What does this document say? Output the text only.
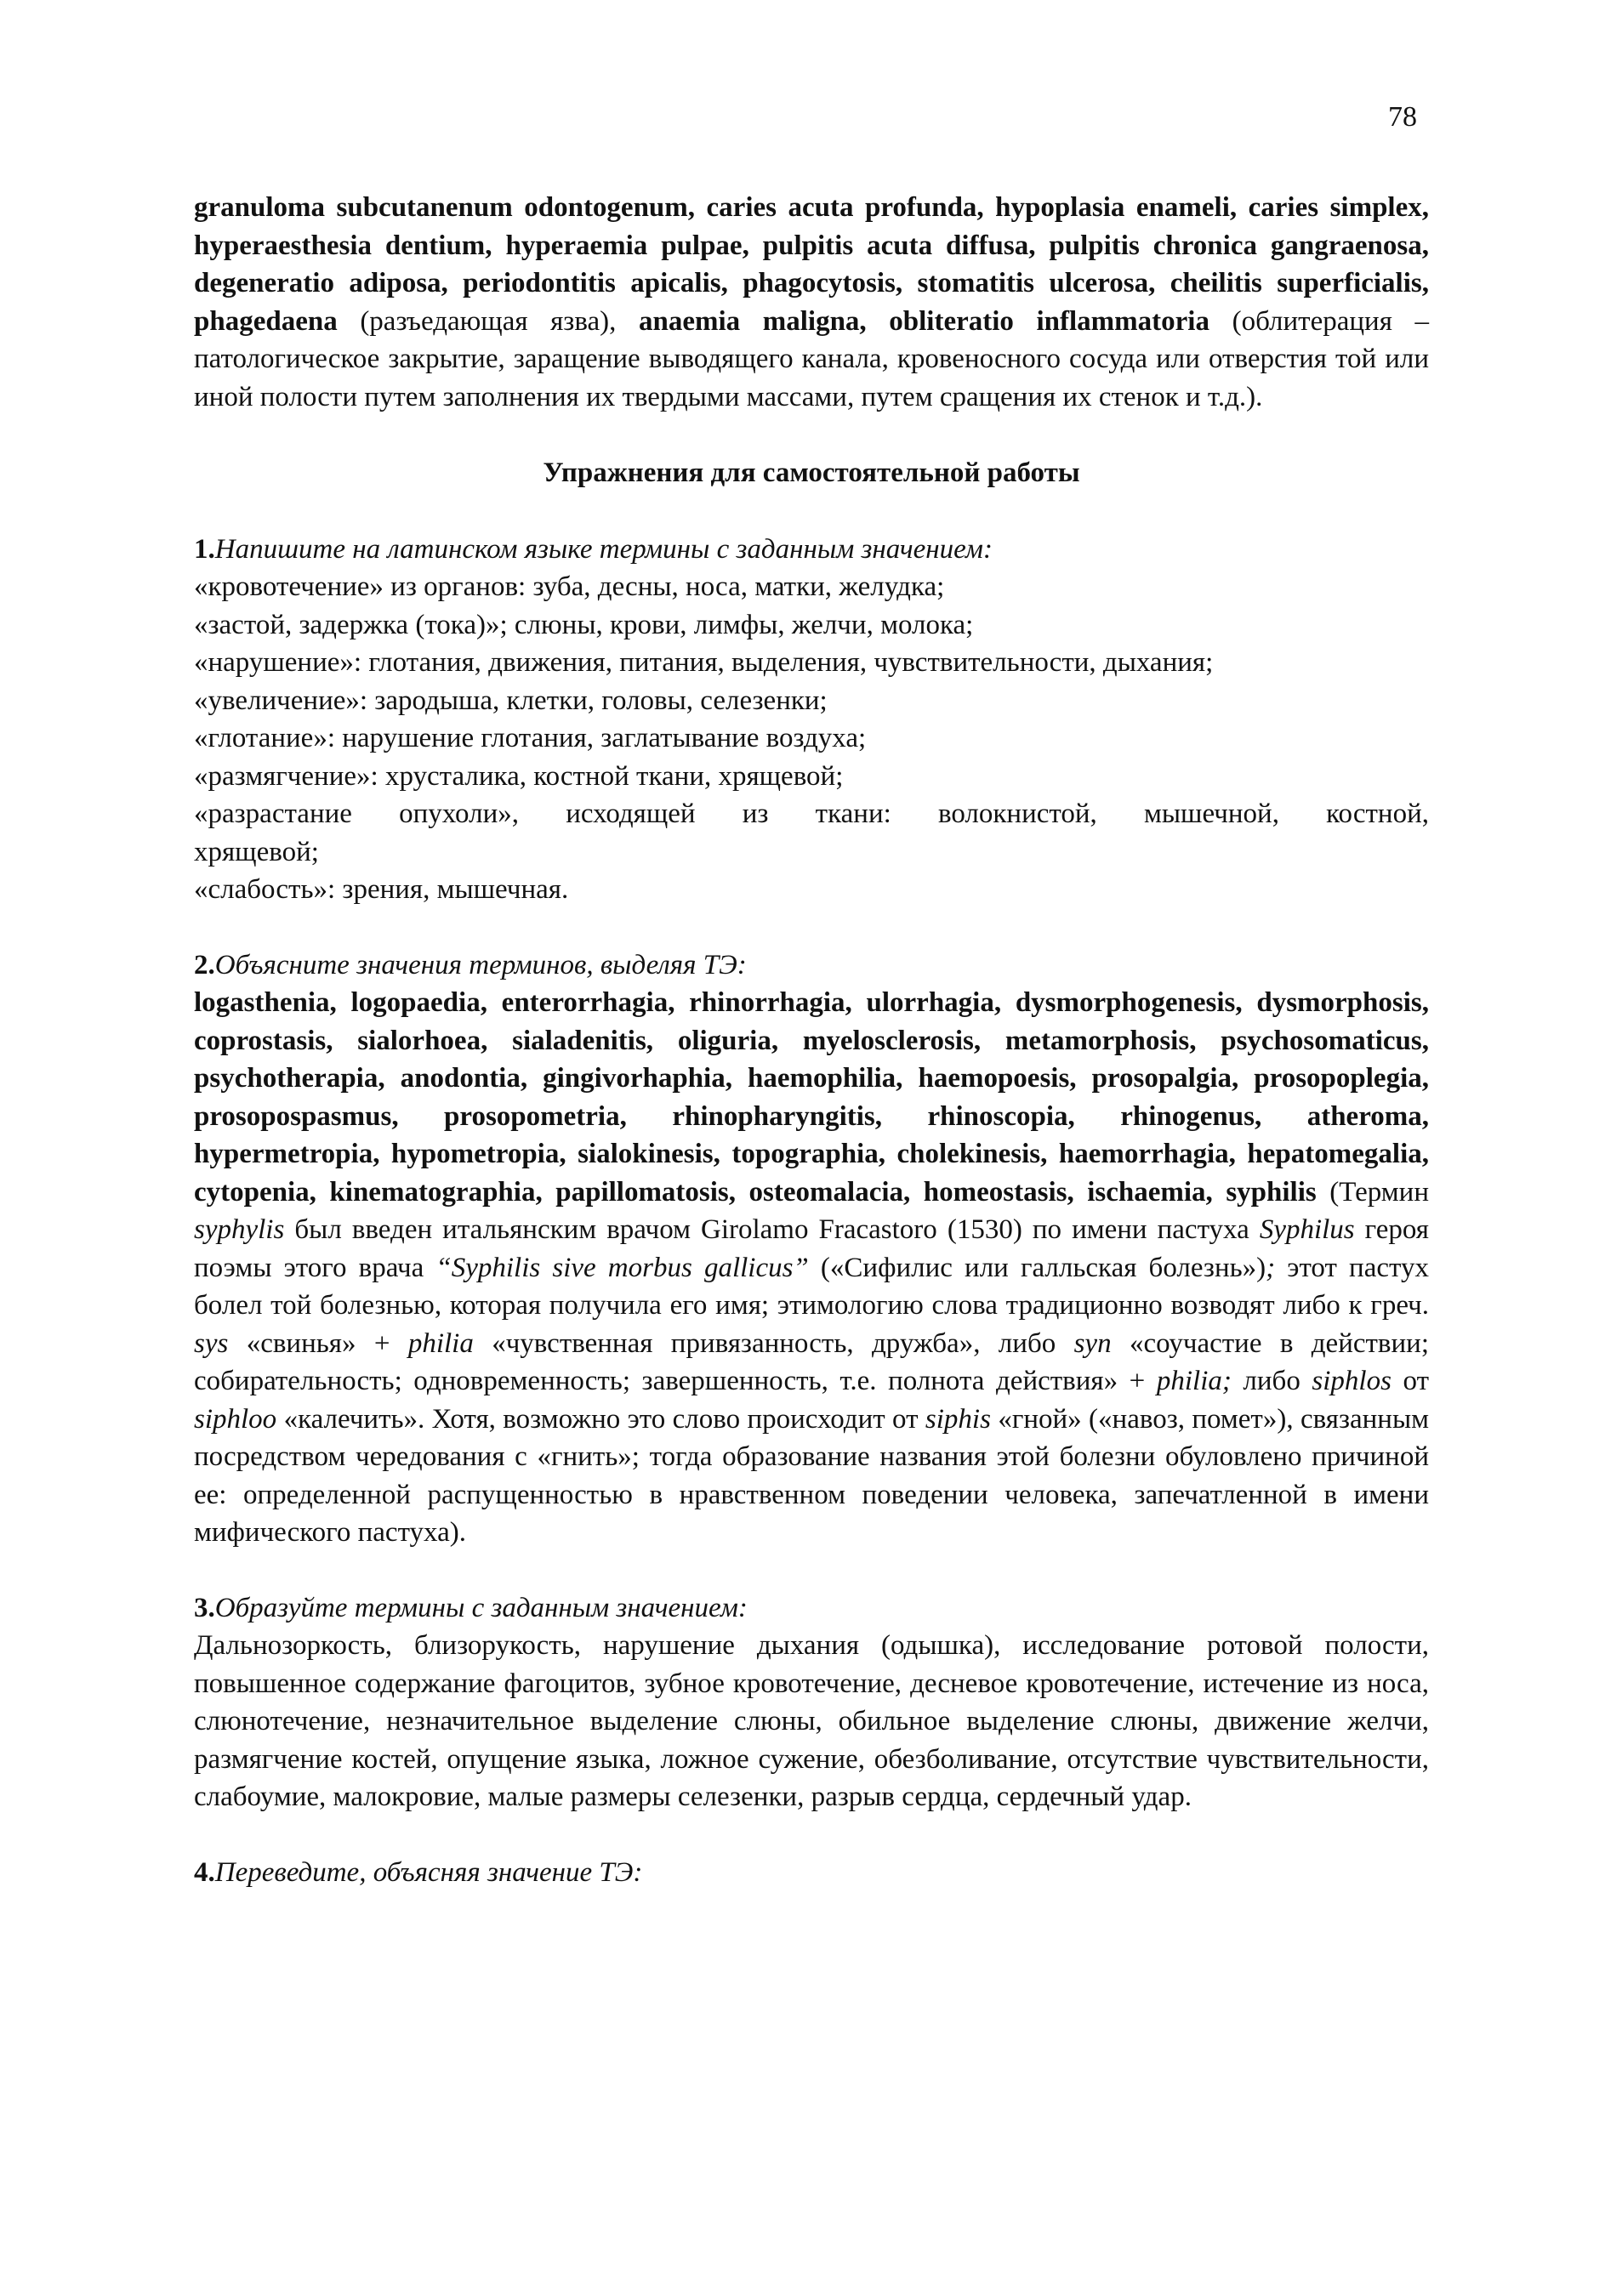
78

granuloma subcutanenum odontogenum, caries acuta profunda, hypoplasia enameli, caries simplex, hyperaesthesia dentium, hyperaemia pulpae, pulpitis acuta diffusa, pulpitis chronica gangraenosa, degeneratio adiposa, periodontitis apicalis, phagocytosis, stomatitis ulcerosa, cheilitis superficialis, phagedaena (разъедающая язва), anaemia maligna, obliteratio inflammatoria (облитерация – патологическое закрытие, заращение выводящего канала, кровеносного сосуда или отверстия той или иной полости путем заполнения их твердыми массами, путем сращения их стенок и т.д.).

Упражнения для самостоятельной работы

1.Напишите на латинском языке термины с заданным значением:
«кровотечение» из органов: зуба, десны, носа, матки, желудка;
«застой, задержка (тока)»; слюны, крови, лимфы, желчи, молока;
«нарушение»: глотания, движения, питания, выделения, чувствительности, дыхания;
«увеличение»: зародыша, клетки, головы, селезенки;
«глотание»: нарушение глотания, заглатывание воздуха;
«размягчение»: хрусталика, костной ткани, хрящевой;
«разрастание опухоли», исходящей из ткани: волокнистой, мышечной, костной,
хрящевой;
«слабость»: зрения, мышечная.
2.Объясните значения терминов, выделяя ТЭ:

logasthenia, logopaedia, enterorrhagia, rhinorrhagia, ulorrhagia, dysmorphogenesis, dysmorphosis, coprostasis, sialorhoea, sialadenitis, oliguria, myelosclerosis, metamorphosis, psychosomaticus, psychotherapia, anodontia, gingivorhaphia, haemophilia, haemopoesis, prosopalgia, prosopoplegia, prosopospasmus, prosopometria, rhinopharyngitis, rhinoscopia, rhinogenus, atheroma, hypermetropia, hypometropia, sialokinesis, topographia, cholekinesis, haemorrhagia, hepatomegalia, cytopenia, kinematographia, papillomatosis, osteomalacia, homeostasis, ischaemia, syphilis (Термин syphylis был введен итальянским врачом Girolamo Fracastoro (1530) по имени пастуха Syphilus героя поэмы этого врача “Syphilis sive morbus gallicus” («Сифилис или галльская болезнь»); этот пастух болел той болезнью, которая получила его имя; этимологию слова традиционно возводят либо к греч. sys «свинья» + philia «чувственная привязанность, дружба», либо syn «соучастие в действии; собирательность; одновременность; завершенность, т.е. полнота действия» + philia; либо siphlos от siphloo «калечить». Хотя, возможно это слово происходит от siphis «гной» («навоз, помет»), связанным посредством чередования с «гнить»; тогда образование названия этой болезни обуловлено причиной ее: определенной распущенностью в нравственном поведении человека, запечатленной в имени мифического пастуха).

3.Образуйте термины с заданным значением:

Дальнозоркость, близорукость, нарушение дыхания (одышка), исследование ротовой полости, повышенное содержание фагоцитов, зубное кровотечение, десневое кровотечение, истечение из носа, слюнотечение, незначительное выделение слюны, обильное выделение слюны, движение желчи, размягчение костей, опущение языка, ложное сужение, обезболивание, отсутствие чувствительности, слабоумие, малокровие, малые размеры селезенки, разрыв сердца, сердечный удар.

4.Переведите, объясняя значение ТЭ:
